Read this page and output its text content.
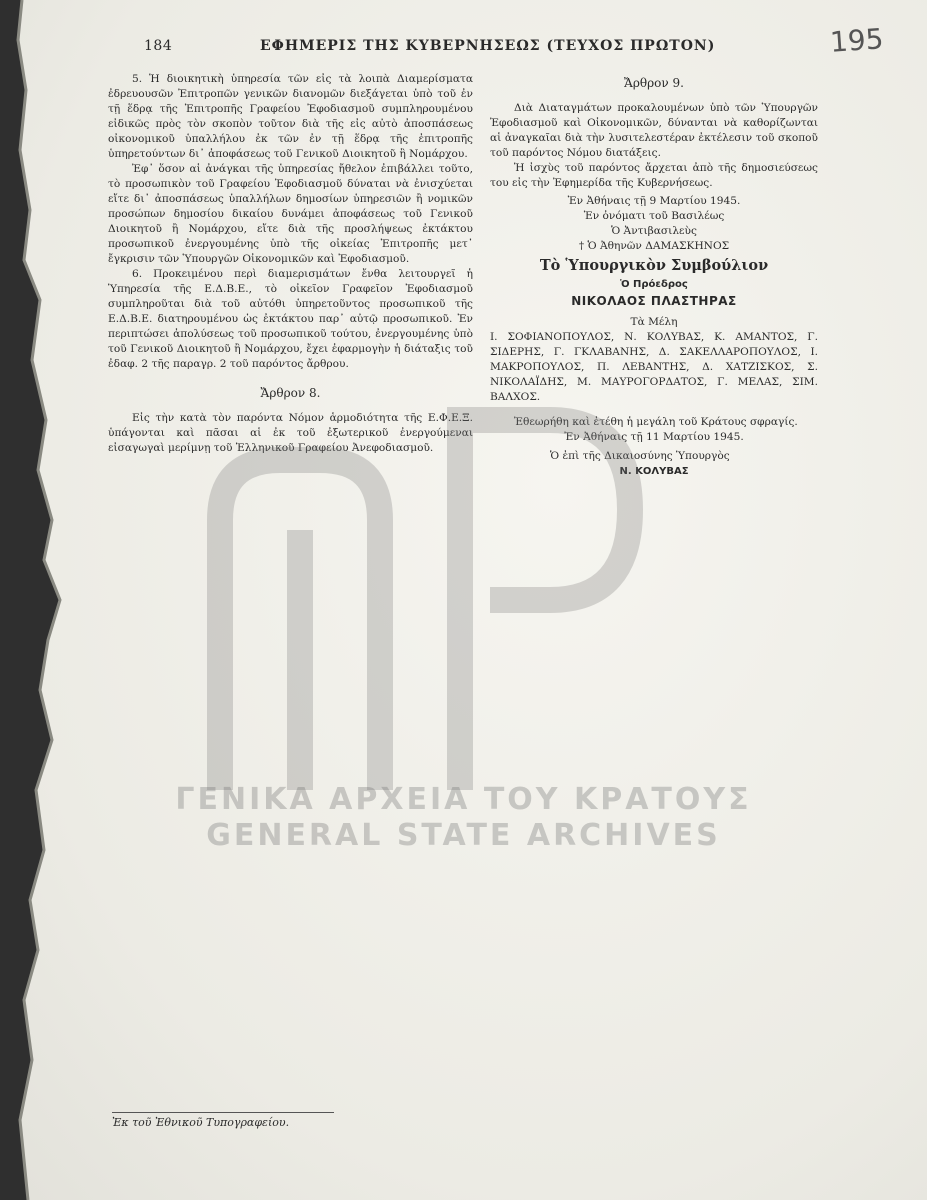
184	ΕΦΗΜΕΡΙΣ ΤΗΣ ΚΥΒΕΡΝΗΣΕΩΣ (ΤΕΥΧΟΣ ΠΡΩΤΟΝ)	195

5. Ἡ διοικητικὴ ὑπηρεσία τῶν εἰς τὰ λοιπὰ Διαμερίσματα ἐδρευουσῶν Ἐπιτροπῶν γενικῶν διανομῶν διεξάγεται ὑπὸ τοῦ ἐν τῇ ἕδρᾳ τῆς Ἐπιτροπῆς Γραφείου Ἐφοδιασμοῦ συμπληρουμένου εἰδικῶς πρὸς τὸν σκοπὸν τοῦτον διὰ τῆς εἰς αὐτὸ ἀποσπάσεως οἰκονομικοῦ ὑπαλλήλου ἐκ τῶν ἐν τῇ ἕδρᾳ τῆς ἐπιτροπῆς ὑπηρετούντων δι᾿ ἀποφάσεως τοῦ Γενικοῦ Διοικητοῦ ἢ Νομάρχου.

Ἐφ᾿ ὅσον αἱ ἀνάγκαι τῆς ὑπηρεσίας ἤθελον ἐπιβάλλει τοῦτο, τὸ προσωπικὸν τοῦ Γραφείου Ἐφοδιασμοῦ δύναται νὰ ἐνισχύεται εἴτε δι᾿ ἀποσπάσεως ὑπαλλήλων δημοσίων ὑπηρεσιῶν ἢ νομικῶν προσώπων δημοσίου δικαίου δυνάμει ἀποφάσεως τοῦ Γενικοῦ Διοικητοῦ ἢ Νομάρχου, εἴτε διὰ τῆς προσλήψεως ἐκτάκτου προσωπικοῦ ἐνεργουμένης ὑπὸ τῆς οἰκείας Ἐπιτροπῆς μετ᾿ ἔγκρισιν τῶν Ὑπουργῶν Οἰκονομικῶν καὶ Ἐφοδιασμοῦ.

6. Προκειμένου περὶ διαμερισμάτων ἔνθα λειτουργεῖ ἡ Ὑπηρεσία τῆς Ε.Δ.Β.Ε., τὸ οἰκεῖον Γραφεῖον Ἐφοδιασμοῦ συμπληροῦται διὰ τοῦ αὐτόθι ὑπηρετοῦντος προσωπικοῦ τῆς Ε.Δ.Β.Ε. διατηρουμένου ὡς ἐκτάκτου παρ᾿ αὐτῷ προσωπικοῦ. Ἐν περιπτώσει ἀπολύσεως τοῦ προσωπικοῦ τούτου, ἐνεργουμένης ὑπὸ τοῦ Γενικοῦ Διοικητοῦ ἢ Νομάρχου, ἔχει ἐφαρμογὴν ἡ διάταξις τοῦ ἐδαφ. 2 τῆς παραγρ. 2 τοῦ παρόντος ἄρθρου.

Ἄρθρον 8.

Εἰς τὴν κατὰ τὸν παρόντα Νόμον ἁρμοδιότητα τῆς Ε.Φ.Ε.Ξ. ὑπάγονται καὶ πᾶσαι αἱ ἐκ τοῦ ἐξωτερικοῦ ἐνεργούμεναι εἰσαγωγαὶ μερίμνῃ τοῦ Ἑλληνικοῦ Γραφείου Ἀνεφοδιασμοῦ.

Ἄρθρον 9.

Διὰ Διαταγμάτων προκαλουμένων ὑπὸ τῶν Ὑπουργῶν Ἐφοδιασμοῦ καὶ Οἰκονομικῶν, δύνανται νὰ καθορίζωνται αἱ ἀναγκαῖαι διὰ τὴν λυσιτελεστέραν ἐκτέλεσιν τοῦ σκοποῦ τοῦ παρόντος Νόμου διατάξεις.

Ἡ ἰσχὺς τοῦ παρόντος ἄρχεται ἀπὸ τῆς δημοσιεύσεως του εἰς τὴν Ἐφημερίδα τῆς Κυβερνήσεως.

Ἐν Ἀθήναις τῇ 9 Μαρτίου 1945.

Ἐν ὀνόματι τοῦ Βασιλέως

Ὁ Ἀντιβασιλεὺς

† Ὁ Ἀθηνῶν ΔΑΜΑΣΚΗΝΟΣ

Τὸ Ὑπουργικὸν Συμβούλιον

Ὁ Πρόεδρος

ΝΙΚΟΛΑΟΣ ΠΛΑΣΤΗΡΑΣ

Τὰ Μέλη

Ι. ΣΟΦΙΑΝΟΠΟΥΛΟΣ, Ν. ΚΟΛΥΒΑΣ, Κ. ΑΜΑΝΤΟΣ, Γ. ΣΙΔΕΡΗΣ, Γ. ΓΚΛΑΒΑΝΗΣ, Δ. ΣΑΚΕΛΛΑΡΟΠΟΥΛΟΣ, Ι. ΜΑΚΡΟΠΟΥΛΟΣ, Π. ΛΕΒΑΝΤΗΣ, Δ. ΧΑΤΖΙΣΚΟΣ, Σ. ΝΙΚΟΛΑΪΔΗΣ, Μ. ΜΑΥΡΟΓΟΡΔΑΤΟΣ, Γ. ΜΕΛΑΣ, ΣΙΜ. ΒΑΛΧΟΣ.

Ἐθεωρήθη καὶ ἐτέθη ἡ μεγάλη τοῦ Κράτους σφραγίς.

Ἐν Ἀθήναις τῇ 11 Μαρτίου 1945.

Ὁ ἐπὶ τῆς Δικαιοσύνης Ὑπουργὸς

Ν. ΚΟΛΥΒΑΣ

Ἐκ τοῦ Ἐθνικοῦ Τυπογραφείου.
ΓΕΝΙΚΑ ΑΡΧΕΙΑ ΤΟΥ ΚΡΑΤΟΥΣ
GENERAL STATE ARCHIVES
